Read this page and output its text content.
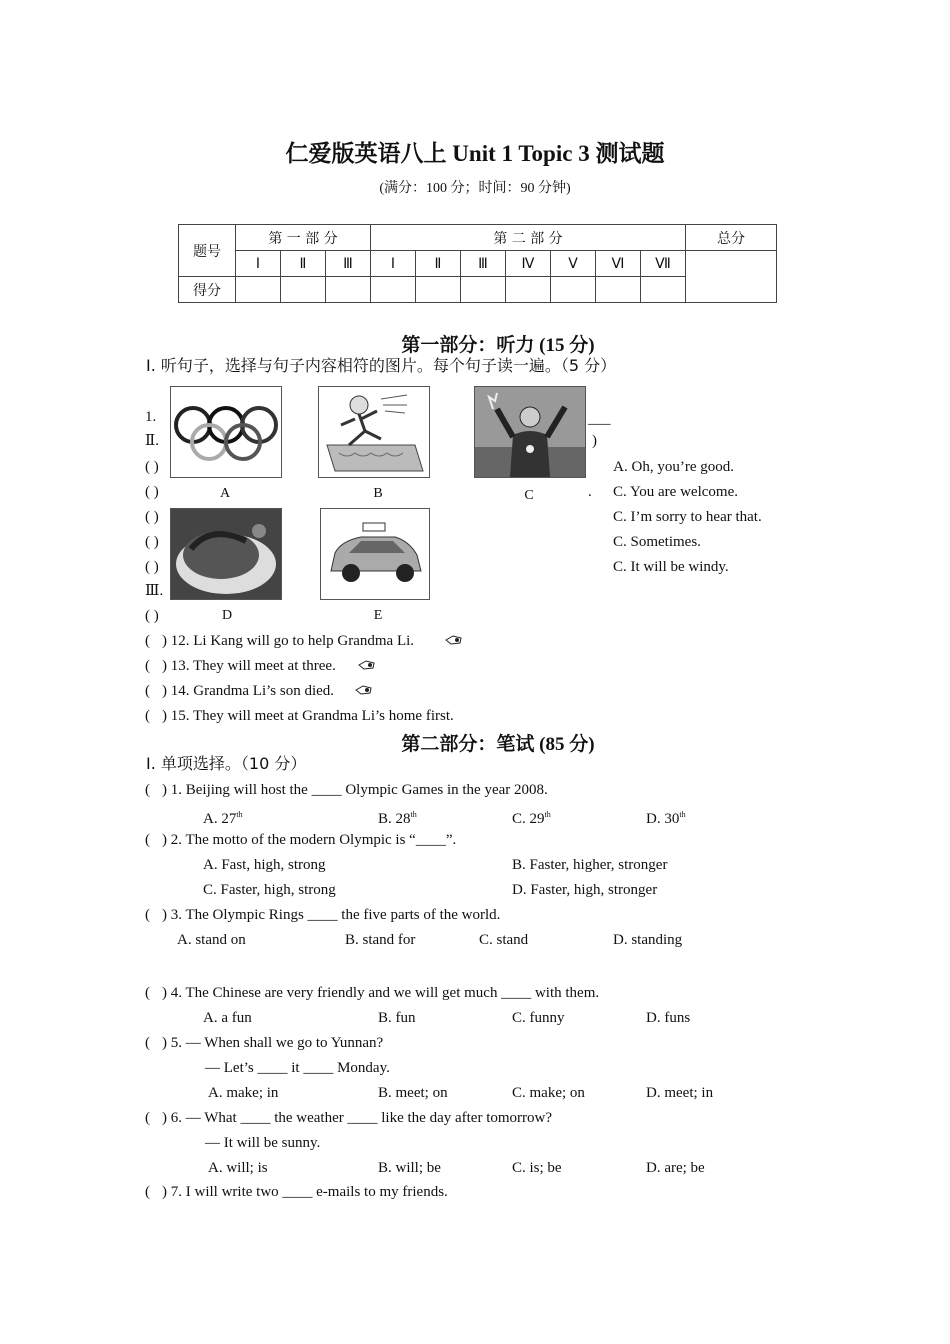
仁爱版英语八上 Unit 1 Topic 3 测试题
(满分：100 分；时间：90 分钟)
题号	第 一 部 分			第 二 部 分							总分
	Ⅰ	Ⅱ	Ⅲ	Ⅰ	Ⅱ	Ⅲ	Ⅳ	Ⅴ	Ⅵ	Ⅶ	
得分											
第一部分：听力 (15 分)
Ⅰ. 听句子，选择与句子内容相符的图片。每个句子读一遍。（5 分）
1.
Ⅱ.
Ⅲ.
( )
( )
( )
( )
( )
( )
___
.
)
A. Oh, you’re good.
C. You are welcome.
C. I’m sorry to hear that.
C. Sometimes.
C. It will be windy.
A	B	C
D	E
( ) 12. Li Kang will go to help Grandma Li.
( ) 13. They will meet at three.
( ) 14. Grandma Li’s son died.
( ) 15. They will meet at Grandma Li’s home first.
第二部分：笔试 (85 分)
Ⅰ. 单项选择。（10 分）
( ) 1. Beijing will host the ____ Olympic Games in the year 2008.
A. 27th	B. 28th	C. 29th	D. 30th
( ) 2. The motto of the modern Olympic is “____”.
A. Fast, high, strong	B. Faster, higher, stronger
C. Faster, high, strong	D. Faster, high, stronger
( ) 3. The Olympic Rings ____ the five parts of the world.
A. stand on	B. stand for	C. stand	D. standing
( ) 4. The Chinese are very friendly and we will get much ____ with them.
A. a fun	B. fun	C. funny	D. funs
( ) 5. — When shall we go to Yunnan?
— Let’s ____ it ____ Monday.
A. make; in	B. meet; on	C. make; on	D. meet; in
( ) 6. — What ____ the weather ____ like the day after tomorrow?
— It will be sunny.
A. will; is	B. will; be	C. is; be	D. are; be
( ) 7. I will write two ____ e-mails to my friends.
